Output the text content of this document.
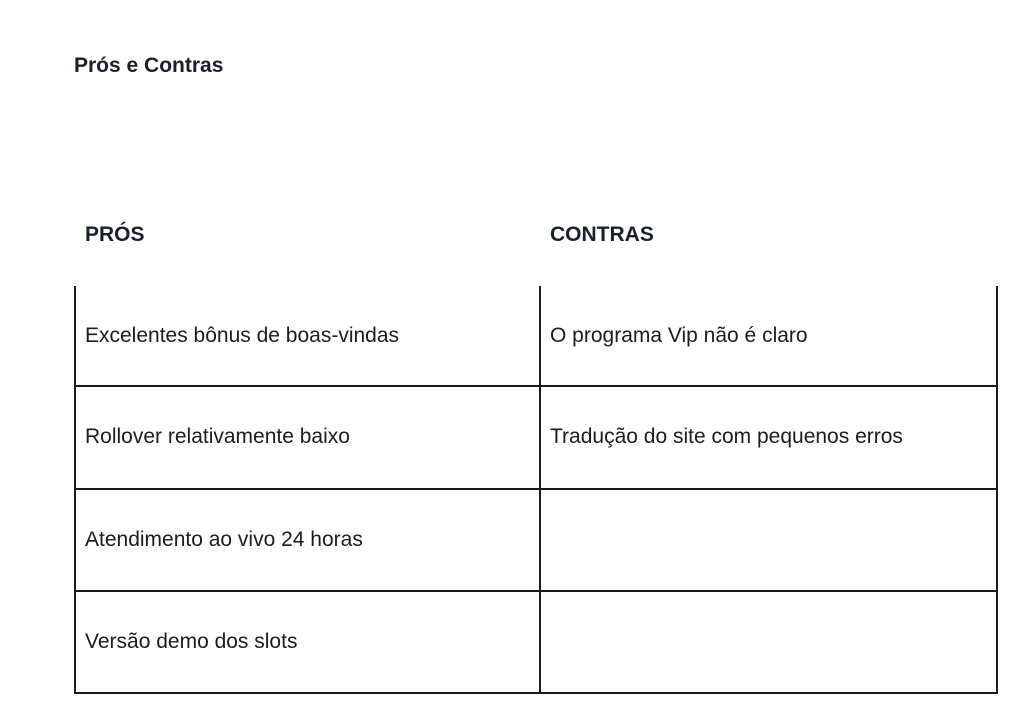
Prós e Contras
PRÓS	CONTRAS
Excelentes bônus de boas-vindas	O programa Vip não é claro
Rollover relativamente baixo	Tradução do site com pequenos erros
Atendimento ao vivo 24 horas
Versão demo dos slots
